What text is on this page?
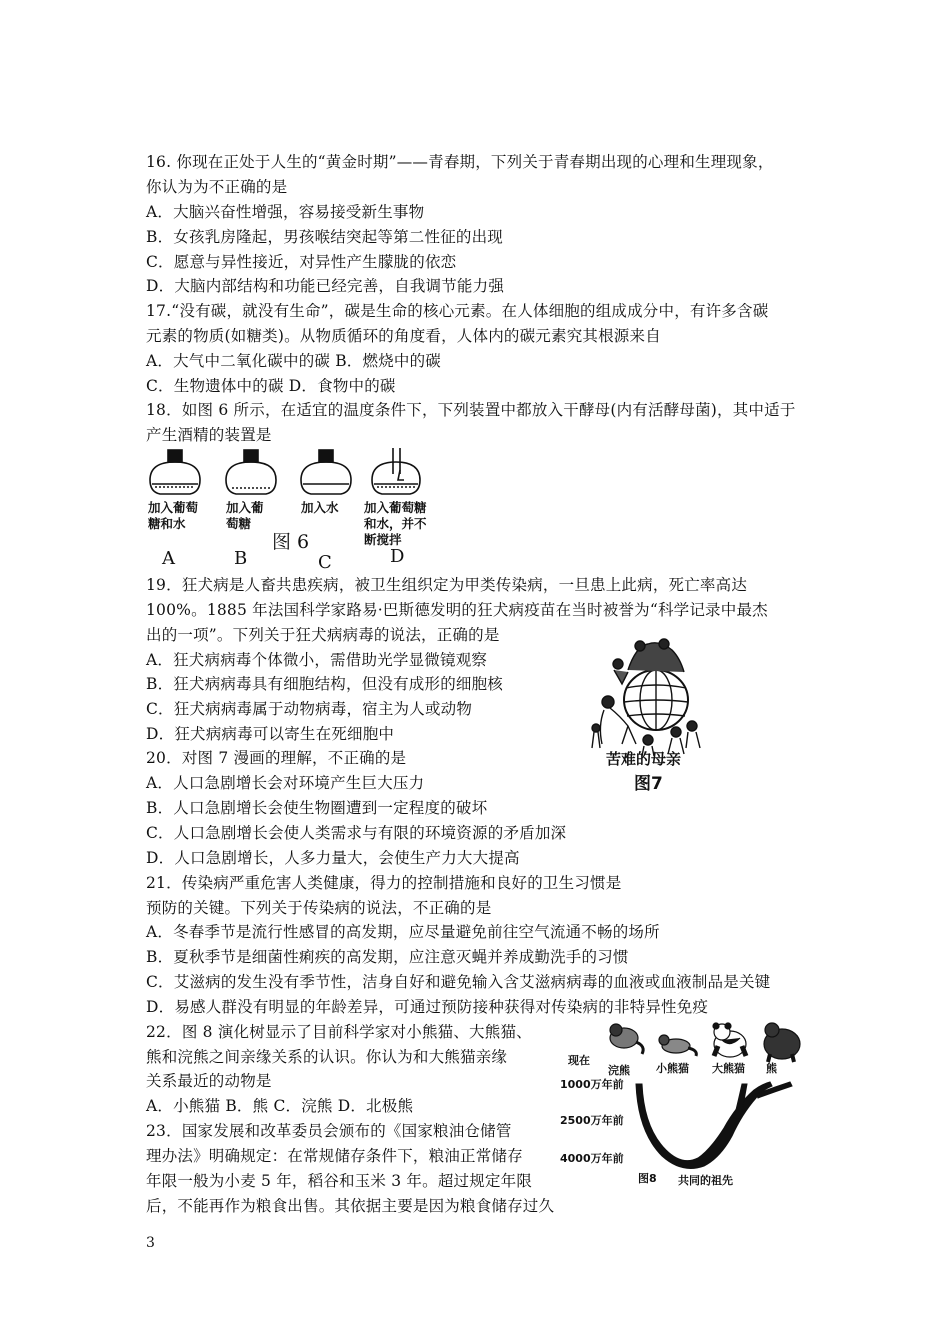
16. 你现在正处于人生的“黄金时期”——青春期，下列关于青春期出现的心理和生理现象，
你认为为不正确的是
A．大脑兴奋性增强，容易接受新生事物
B．女孩乳房隆起，男孩喉结突起等第二性征的出现
C．愿意与异性接近，对异性产生朦胧的依恋
D．大脑内部结构和功能已经完善，自我调节能力强
17.“没有碳，就没有生命”，碳是生命的核心元素。在人体细胞的组成成分中，有许多含碳
元素的物质(如糖类)。从物质循环的角度看，人体内的碳元素究其根源来自
A．大气中二氧化碳中的碳 B．燃烧中的碳
C．生物遗体中的碳 D．食物中的碳
18．如图 6 所示，在适宜的温度条件下，下列装置中都放入干酵母(内有活酵母菌)，其中适于
产生酒精的装置是
加入葡萄
糖和水
加入葡
萄糖
加入水 加入葡萄糖
和水，并不
断搅拌
图 6
A	B	C	D
19．狂犬病是人畜共患疾病，被卫生组织定为甲类传染病，一旦患上此病，死亡率高达
100%。1885 年法国科学家路易·巴斯德发明的狂犬病疫苗在当时被誉为“科学记录中最杰
出的一项”。下列关于狂犬病病毒的说法，正确的是
A．狂犬病病毒个体微小，需借助光学显微镜观察
B．狂犬病病毒具有细胞结构，但没有成形的细胞核
C．狂犬病病毒属于动物病毒，宿主为人或动物
D．狂犬病病毒可以寄生在死细胞中
20．对图 7 漫画的理解，不正确的是
A．人口急剧增长会对环境产生巨大压力
B．人口急剧增长会使生物圈遭到一定程度的破坏
C．人口急剧增长会使人类需求与有限的环境资源的矛盾加深
D．人口急剧增长，人多力量大，会使生产力大大提高
苦难的母亲
图7
21．传染病严重危害人类健康，得力的控制措施和良好的卫生习惯是
预防的关键。下列关于传染病的说法，不正确的是
A．冬春季节是流行性感冒的高发期，应尽量避免前往空气流通不畅的场所
B．夏秋季节是细菌性痢疾的高发期，应注意灭蝇并养成勤洗手的习惯
C．艾滋病的发生没有季节性，洁身自好和避免输入含艾滋病病毒的血液或血液制品是关键
D．易感人群没有明显的年龄差异，可通过预防接种获得对传染病的非特异性免疫
22．图 8 演化树显示了目前科学家对小熊猫、大熊猫、
熊和浣熊之间亲缘关系的认识。你认为和大熊猫亲缘
关系最近的动物是
A．小熊猫 B．熊 C．浣熊 D．北极熊
23．国家发展和改革委员会颁布的《国家粮油仓储管
理办法》明确规定：在常规储存条件下，粮油正常储存
年限一般为小麦 5 年，稻谷和玉米 3 年。超过规定年限
后，不能再作为粮食出售。其依据主要是因为粮食储存过久
现在
浣熊 小熊猫 大熊猫 熊
1000万年前
2500万年前
4000万年前
图8 共同的祖先
3
